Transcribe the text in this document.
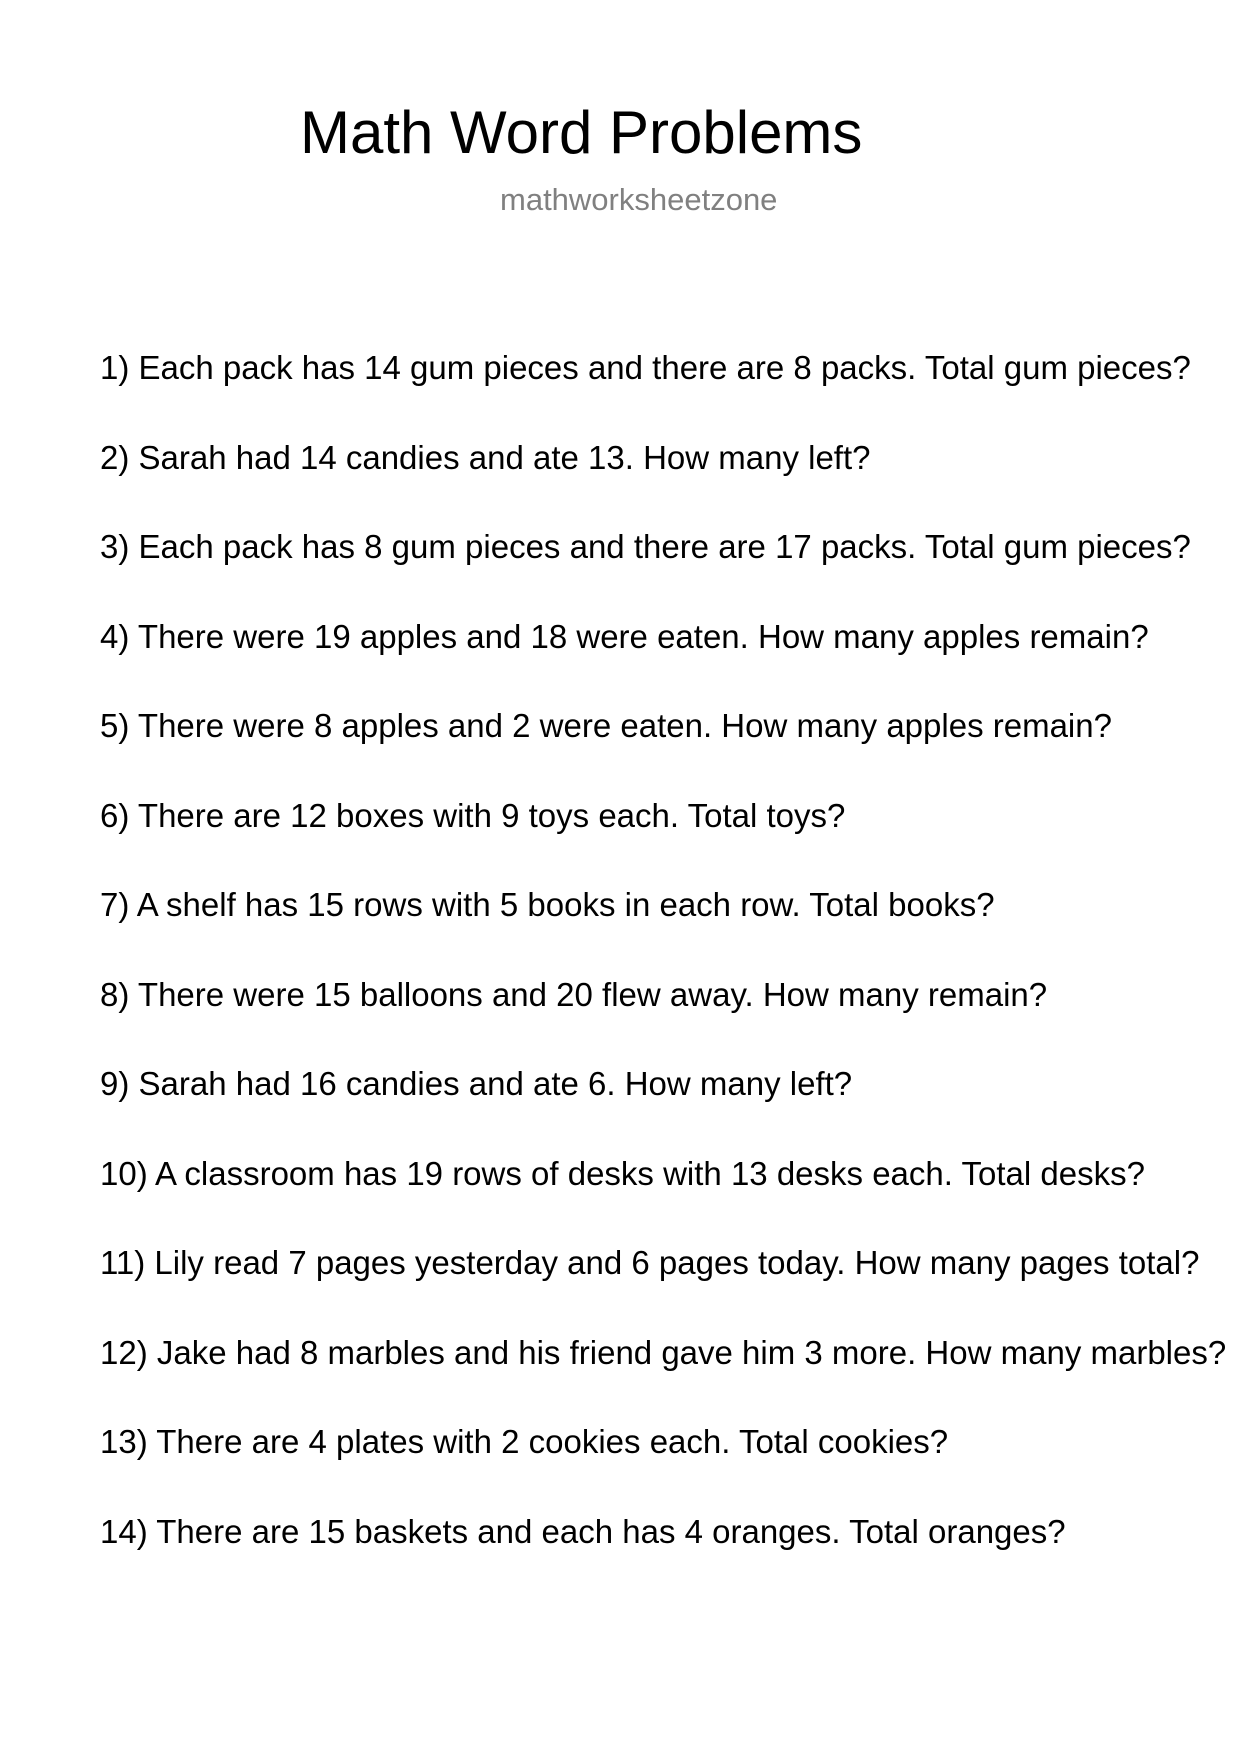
Math Word Problems
mathworksheetzone
1) Each pack has 14 gum pieces and there are 8 packs. Total gum pieces?
2) Sarah had 14 candies and ate 13. How many left?
3) Each pack has 8 gum pieces and there are 17 packs. Total gum pieces?
4) There were 19 apples and 18 were eaten. How many apples remain?
5) There were 8 apples and 2 were eaten. How many apples remain?
6) There are 12 boxes with 9 toys each. Total toys?
7) A shelf has 15 rows with 5 books in each row. Total books?
8) There were 15 balloons and 20 flew away. How many remain?
9) Sarah had 16 candies and ate 6. How many left?
10) A classroom has 19 rows of desks with 13 desks each. Total desks?
11) Lily read 7 pages yesterday and 6 pages today. How many pages total?
12) Jake had 8 marbles and his friend gave him 3 more. How many marbles?
13) There are 4 plates with 2 cookies each. Total cookies?
14) There are 15 baskets and each has 4 oranges. Total oranges?
